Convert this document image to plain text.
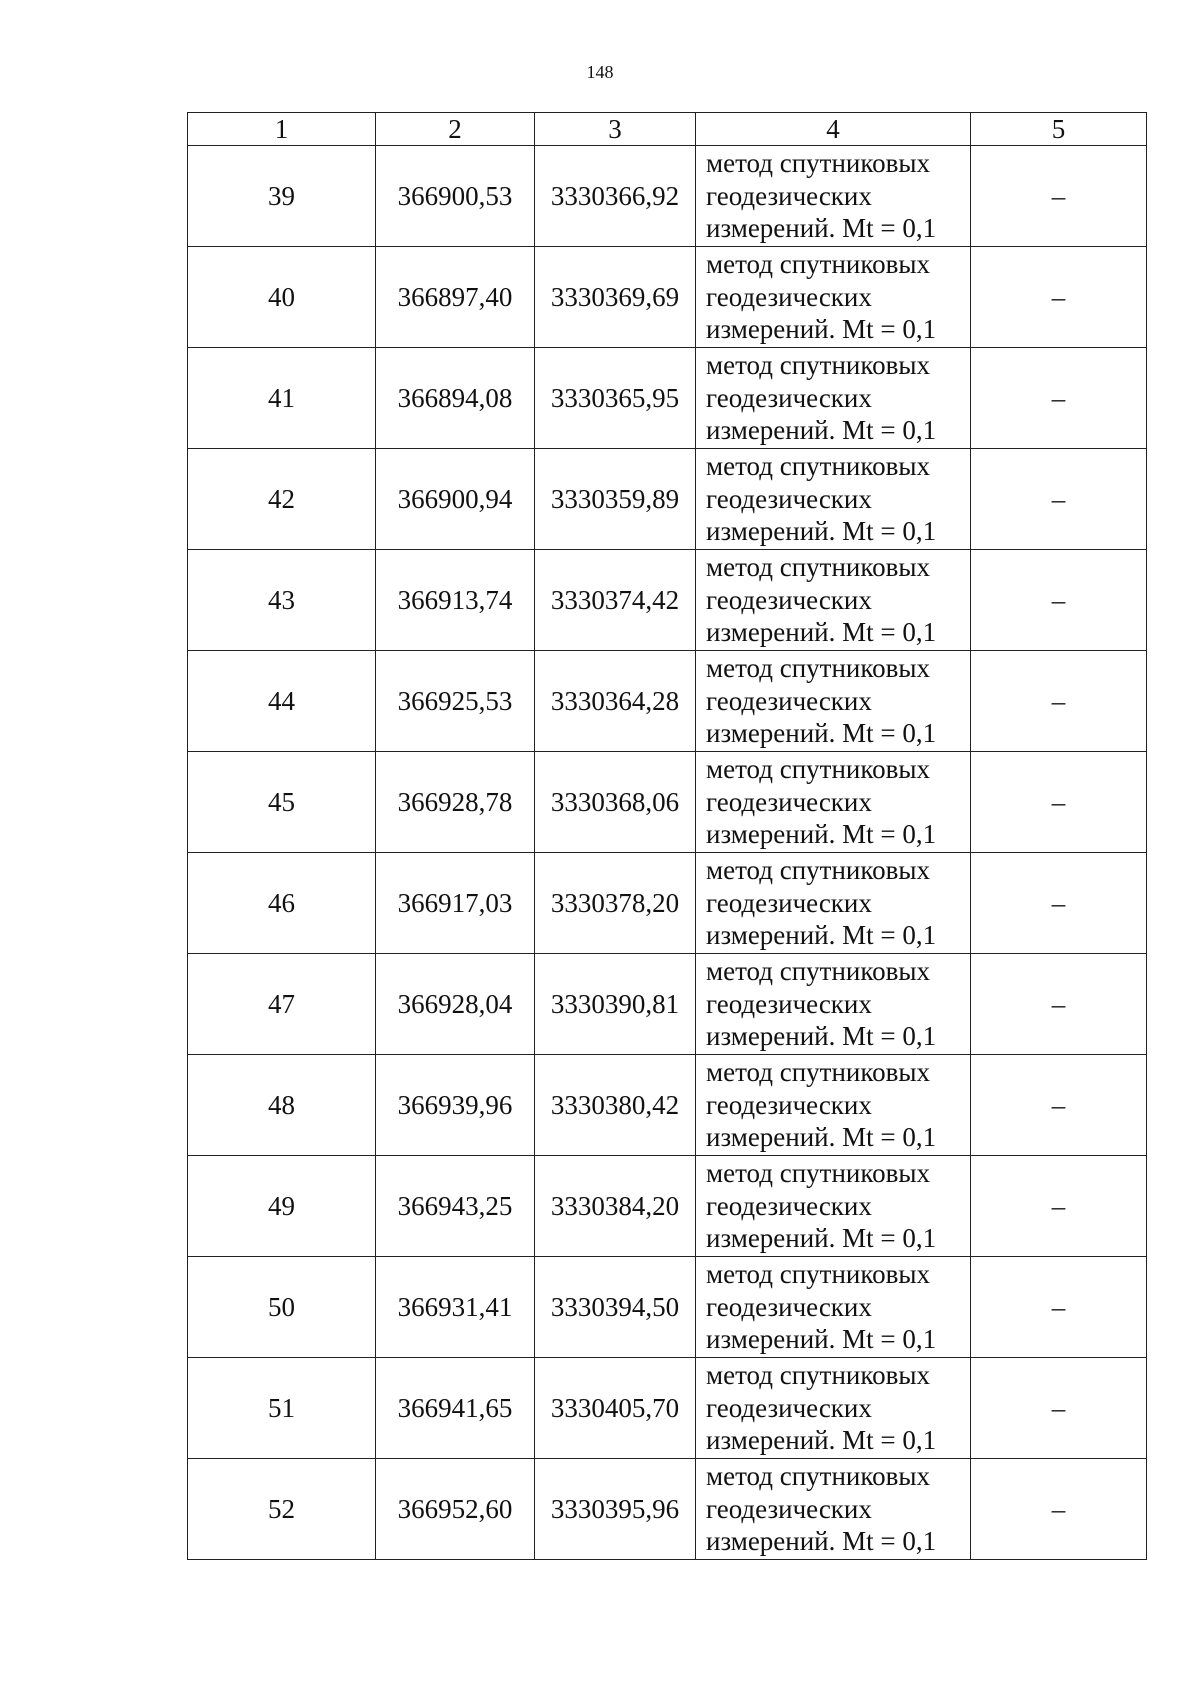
148
1	2	3	4	5
39	366900,53	3330366,92	метод спутниковых
геодезических
измерений. Mt = 0,1	–
40	366897,40	3330369,69	метод спутниковых
геодезических
измерений. Mt = 0,1	–
41	366894,08	3330365,95	метод спутниковых
геодезических
измерений. Mt = 0,1	–
42	366900,94	3330359,89	метод спутниковых
геодезических
измерений. Mt = 0,1	–
43	366913,74	3330374,42	метод спутниковых
геодезических
измерений. Mt = 0,1	–
44	366925,53	3330364,28	метод спутниковых
геодезических
измерений. Mt = 0,1	–
45	366928,78	3330368,06	метод спутниковых
геодезических
измерений. Mt = 0,1	–
46	366917,03	3330378,20	метод спутниковых
геодезических
измерений. Mt = 0,1	–
47	366928,04	3330390,81	метод спутниковых
геодезических
измерений. Mt = 0,1	–
48	366939,96	3330380,42	метод спутниковых
геодезических
измерений. Mt = 0,1	–
49	366943,25	3330384,20	метод спутниковых
геодезических
измерений. Mt = 0,1	–
50	366931,41	3330394,50	метод спутниковых
геодезических
измерений. Mt = 0,1	–
51	366941,65	3330405,70	метод спутниковых
геодезических
измерений. Mt = 0,1	–
52	366952,60	3330395,96	метод спутниковых
геодезических
измерений. Mt = 0,1	–
